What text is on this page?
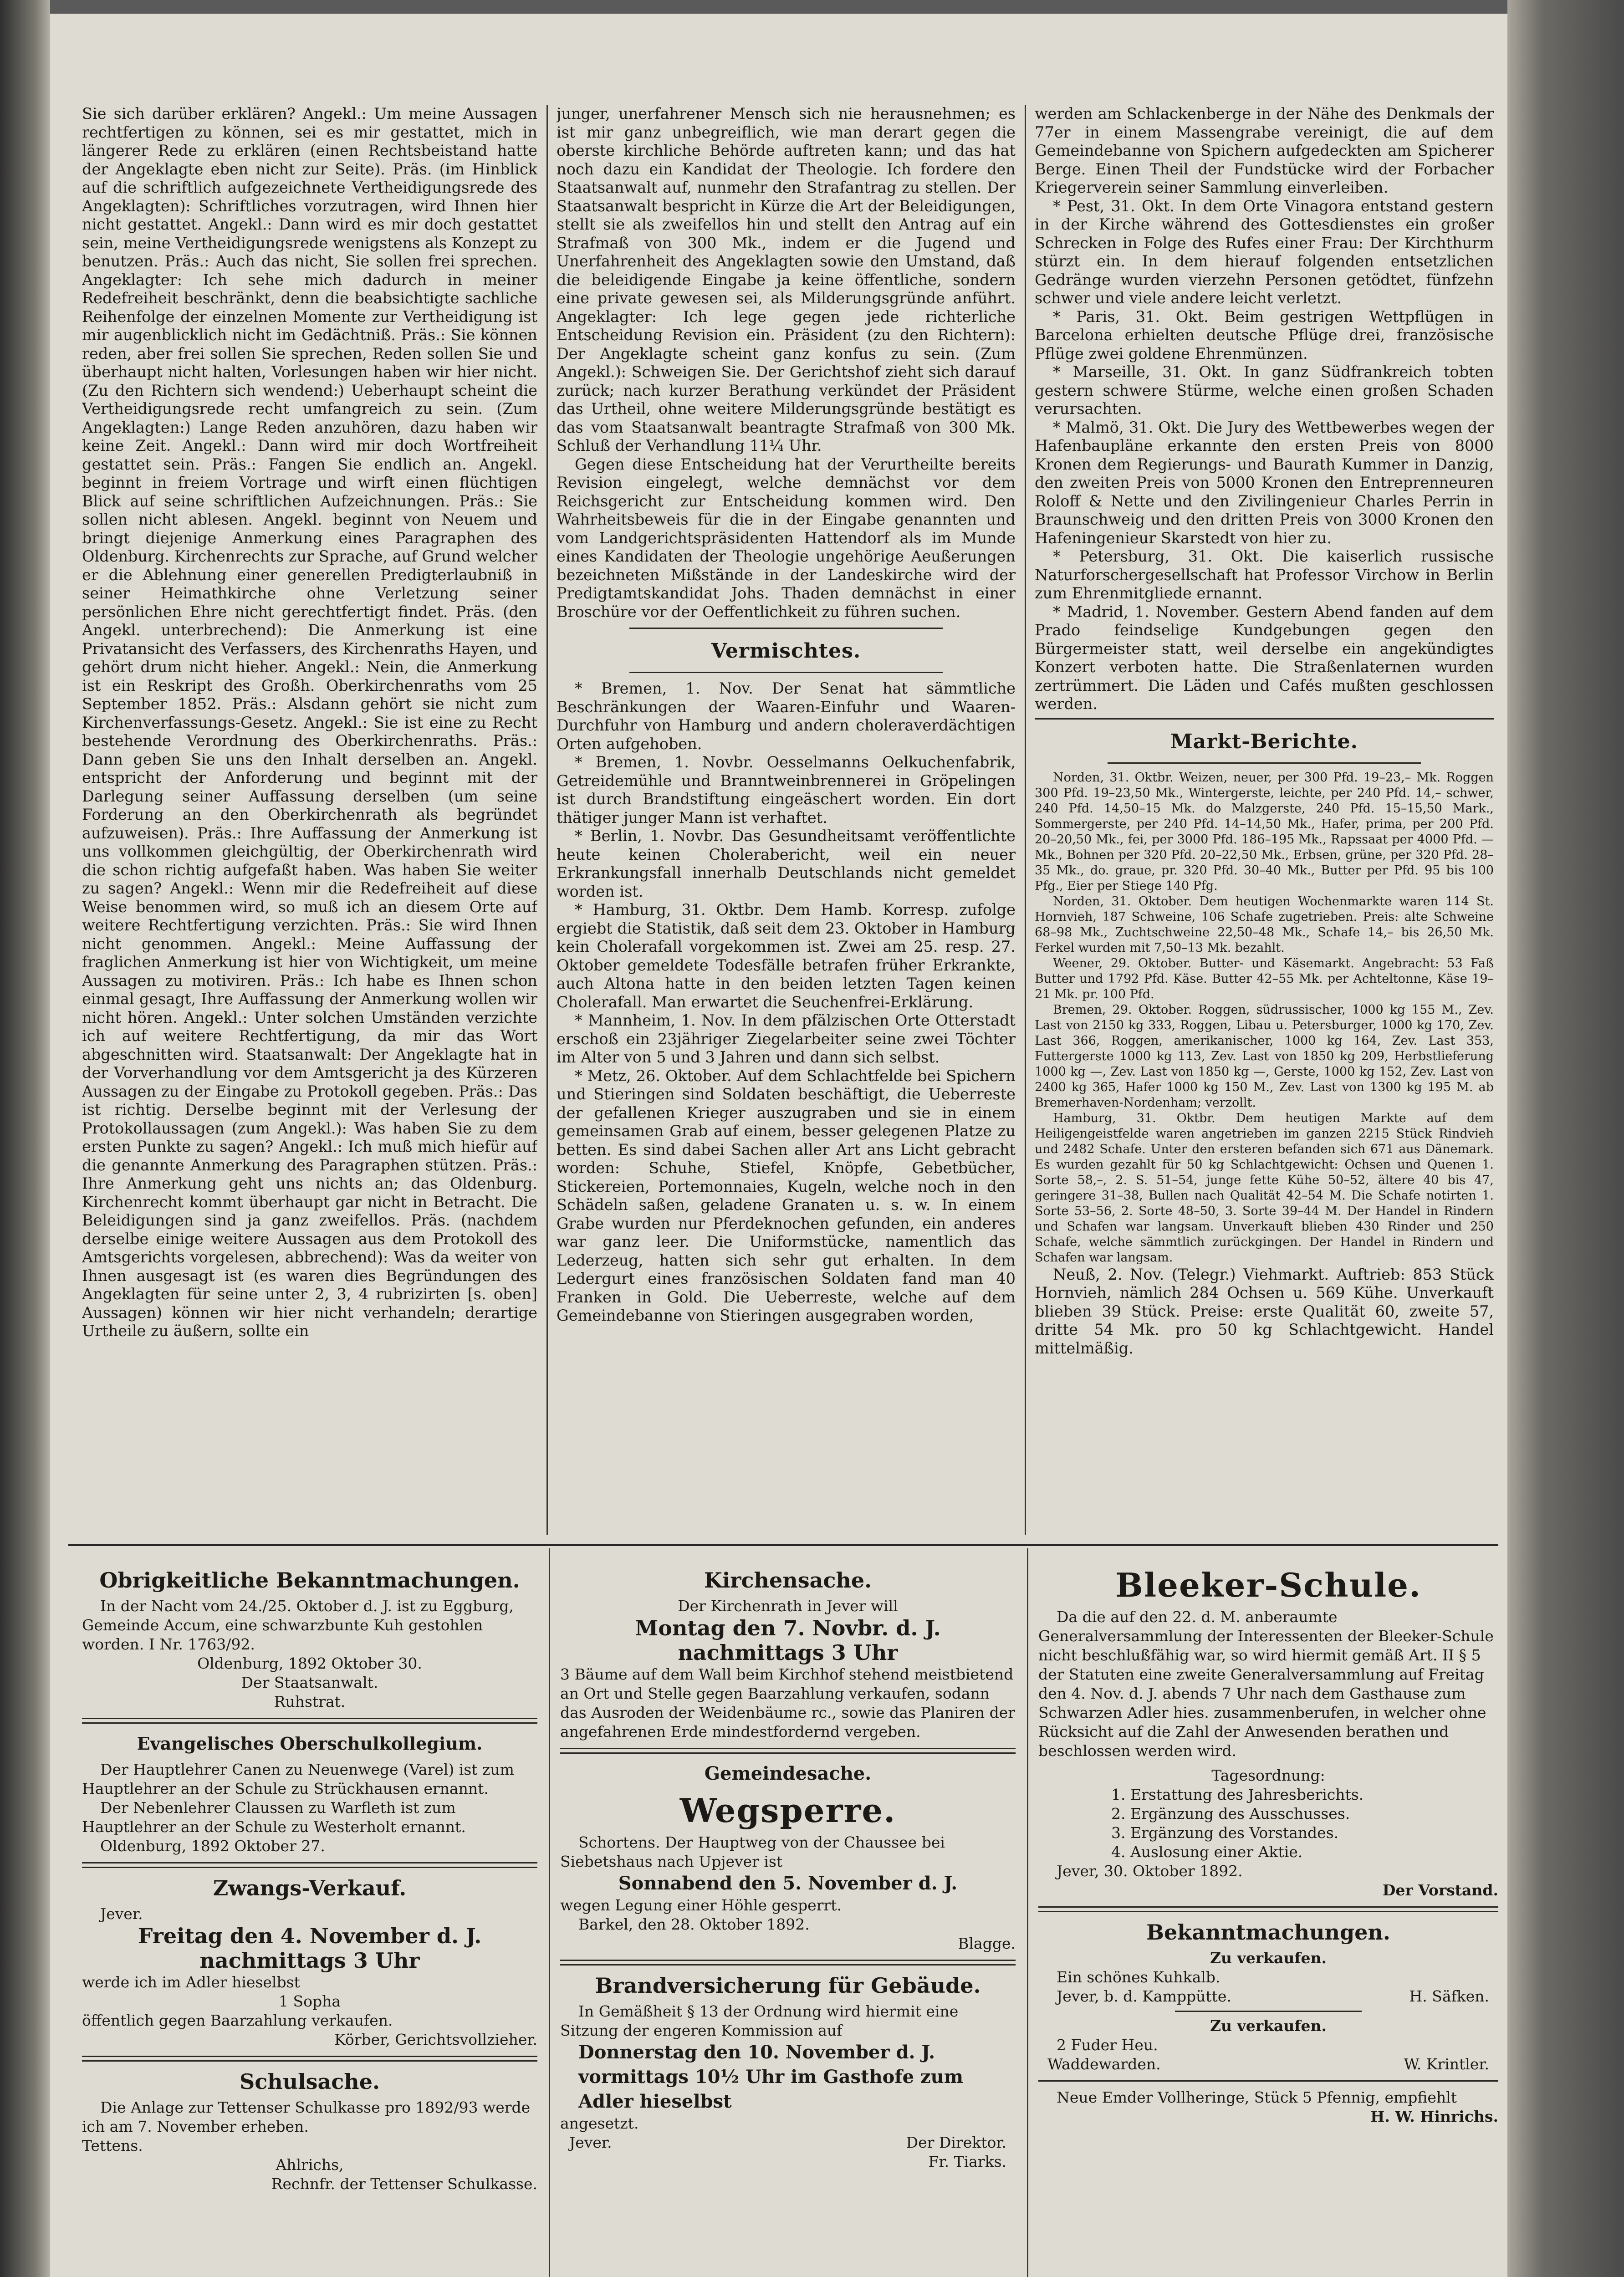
Sie sich darüber erklären? Angekl.: Um meine Aussagen rechtfertigen zu können, sei es mir gestattet, mich in längerer Rede zu erklären (einen Rechtsbeistand hatte der Angeklagte eben nicht zur Seite). Präs. (im Hinblick auf die schriftlich aufgezeichnete Vertheidigungsrede des Angeklagten): Schriftliches vorzutragen, wird Ihnen hier nicht gestattet. Angekl.: Dann wird es mir doch gestattet sein, meine Vertheidigungsrede wenigstens als Konzept zu benutzen. Präs.: Auch das nicht, Sie sollen frei sprechen. Angeklagter: Ich sehe mich dadurch in meiner Redefreiheit beschränkt, denn die beabsichtigte sachliche Reihenfolge der einzelnen Momente zur Vertheidigung ist mir augenblicklich nicht im Gedächtniß. Präs.: Sie können reden, aber frei sollen Sie sprechen, Reden sollen Sie und überhaupt nicht halten, Vorlesungen haben wir hier nicht. (Zu den Richtern sich wendend:) Ueberhaupt scheint die Vertheidigungsrede recht umfangreich zu sein. (Zum Angeklagten:) Lange Reden anzuhören, dazu haben wir keine Zeit. Angekl.: Dann wird mir doch Wortfreiheit gestattet sein. Präs.: Fangen Sie endlich an. Angekl. beginnt in freiem Vortrage und wirft einen flüchtigen Blick auf seine schriftlichen Aufzeichnungen. Präs.: Sie sollen nicht ablesen. Angekl. beginnt von Neuem und bringt diejenige Anmerkung eines Paragraphen des Oldenburg. Kirchenrechts zur Sprache, auf Grund welcher er die Ablehnung einer generellen Predigterlaubniß in seiner Heimathkirche ohne Verletzung seiner persönlichen Ehre nicht gerechtfertigt findet. Präs. (den Angekl. unterbrechend): Die Anmerkung ist eine Privatansicht des Verfassers, des Kirchenraths Hayen, und gehört drum nicht hieher. Angekl.: Nein, die Anmerkung ist ein Reskript des Großh. Oberkirchenraths vom 25 September 1852. Präs.: Alsdann gehört sie nicht zum Kirchenverfassungs-Gesetz. Angekl.: Sie ist eine zu Recht bestehende Verordnung des Oberkirchenraths. Präs.: Dann geben Sie uns den Inhalt derselben an. Angekl. entspricht der Anforderung und beginnt mit der Darlegung seiner Auffassung derselben (um seine Forderung an den Oberkirchenrath als begründet aufzuweisen). Präs.: Ihre Auffassung der Anmerkung ist uns vollkommen gleichgültig, der Oberkirchenrath wird die schon richtig aufgefaßt haben. Was haben Sie weiter zu sagen? Angekl.: Wenn mir die Redefreiheit auf diese Weise benommen wird, so muß ich an diesem Orte auf weitere Rechtfertigung verzichten. Präs.: Sie wird Ihnen nicht genommen. Angekl.: Meine Auffassung der fraglichen Anmerkung ist hier von Wichtigkeit, um meine Aussagen zu motiviren. Präs.: Ich habe es Ihnen schon einmal gesagt, Ihre Auffassung der Anmerkung wollen wir nicht hören. Angekl.: Unter solchen Umständen verzichte ich auf weitere Rechtfertigung, da mir das Wort abgeschnitten wird. Staatsanwalt: Der Angeklagte hat in der Vorverhandlung vor dem Amtsgericht ja des Kürzeren Aussagen zu der Eingabe zu Protokoll gegeben. Präs.: Das ist richtig. Derselbe beginnt mit der Verlesung der Protokollaussagen (zum Angekl.): Was haben Sie zu dem ersten Punkte zu sagen? Angekl.: Ich muß mich hiefür auf die genannte Anmerkung des Paragraphen stützen. Präs.: Ihre Anmerkung geht uns nichts an; das Oldenburg. Kirchenrecht kommt überhaupt gar nicht in Betracht. Die Beleidigungen sind ja ganz zweifellos. Präs. (nachdem derselbe einige weitere Aussagen aus dem Protokoll des Amtsgerichts vorgelesen, abbrechend): Was da weiter von Ihnen ausgesagt ist (es waren dies Begründungen des Angeklagten für seine unter 2, 3, 4 rubrizirten [s. oben] Aussagen) können wir hier nicht verhandeln; derartige Urtheile zu äußern, sollte ein

junger, unerfahrener Mensch sich nie herausnehmen; es ist mir ganz unbegreiflich, wie man derart gegen die oberste kirchliche Behörde auftreten kann; und das hat noch dazu ein Kandidat der Theologie. Ich fordere den Staatsanwalt auf, nunmehr den Strafantrag zu stellen. Der Staatsanwalt bespricht in Kürze die Art der Beleidigungen, stellt sie als zweifellos hin und stellt den Antrag auf ein Strafmaß von 300 Mk., indem er die Jugend und Unerfahrenheit des Angeklagten sowie den Umstand, daß die beleidigende Eingabe ja keine öffentliche, sondern eine private gewesen sei, als Milderungsgründe anführt. Angeklagter: Ich lege gegen jede richterliche Entscheidung Revision ein. Präsident (zu den Richtern): Der Angeklagte scheint ganz konfus zu sein. (Zum Angekl.): Schweigen Sie. Der Gerichtshof zieht sich darauf zurück; nach kurzer Berathung verkündet der Präsident das Urtheil, ohne weitere Milderungsgründe bestätigt es das vom Staatsanwalt beantragte Strafmaß von 300 Mk. Schluß der Verhandlung 11¼ Uhr.

Gegen diese Entscheidung hat der Verurtheilte bereits Revision eingelegt, welche demnächst vor dem Reichsgericht zur Entscheidung kommen wird. Den Wahrheitsbeweis für die in der Eingabe genannten und vom Landgerichtspräsidenten Hattendorf als im Munde eines Kandidaten der Theologie ungehörige Aeußerungen bezeichneten Mißstände in der Landeskirche wird der Predigtamtskandidat Johs. Thaden demnächst in einer Broschüre vor der Oeffentlichkeit zu führen suchen.

Vermischtes.

* Bremen, 1. Nov. Der Senat hat sämmtliche Beschränkungen der Waaren-Einfuhr und Waaren-Durchfuhr von Hamburg und andern choleraverdächtigen Orten aufgehoben.

* Bremen, 1. Novbr. Oesselmanns Oelkuchenfabrik, Getreidemühle und Branntweinbrennerei in Gröpelingen ist durch Brandstiftung eingeäschert worden. Ein dort thätiger junger Mann ist verhaftet.

* Berlin, 1. Novbr. Das Gesundheitsamt veröffentlichte heute keinen Cholerabericht, weil ein neuer Erkrankungsfall innerhalb Deutschlands nicht gemeldet worden ist.

* Hamburg, 31. Oktbr. Dem Hamb. Korresp. zufolge ergiebt die Statistik, daß seit dem 23. Oktober in Hamburg kein Cholerafall vorgekommen ist. Zwei am 25. resp. 27. Oktober gemeldete Todesfälle betrafen früher Erkrankte, auch Altona hatte in den beiden letzten Tagen keinen Cholerafall. Man erwartet die Seuchenfrei-Erklärung.

* Mannheim, 1. Nov. In dem pfälzischen Orte Otterstadt erschoß ein 23jähriger Ziegelarbeiter seine zwei Töchter im Alter von 5 und 3 Jahren und dann sich selbst.

* Metz, 26. Oktober. Auf dem Schlachtfelde bei Spichern und Stieringen sind Soldaten beschäftigt, die Ueberreste der gefallenen Krieger auszugraben und sie in einem gemeinsamen Grab auf einem, besser gelegenen Platze zu betten. Es sind dabei Sachen aller Art ans Licht gebracht worden: Schuhe, Stiefel, Knöpfe, Gebetbücher, Stickereien, Portemonnaies, Kugeln, welche noch in den Schädeln saßen, geladene Granaten u. s. w. In einem Grabe wurden nur Pferdeknochen gefunden, ein anderes war ganz leer. Die Uniformstücke, namentlich das Lederzeug, hatten sich sehr gut erhalten. In dem Ledergurt eines französischen Soldaten fand man 40 Franken in Gold. Die Ueberreste, welche auf dem Gemeindebanne von Stieringen ausgegraben worden,

werden am Schlackenberge in der Nähe des Denkmals der 77er in einem Massengrabe vereinigt, die auf dem Gemeindebanne von Spichern aufgedeckten am Spicherer Berge. Einen Theil der Fundstücke wird der Forbacher Kriegerverein seiner Sammlung einverleiben.

* Pest, 31. Okt. In dem Orte Vinagora entstand gestern in der Kirche während des Gottesdienstes ein großer Schrecken in Folge des Rufes einer Frau: Der Kirchthurm stürzt ein. In dem hierauf folgenden entsetzlichen Gedränge wurden vierzehn Personen getödtet, fünfzehn schwer und viele andere leicht verletzt.

* Paris, 31. Okt. Beim gestrigen Wettpflügen in Barcelona erhielten deutsche Pflüge drei, französische Pflüge zwei goldene Ehrenmünzen.

* Marseille, 31. Okt. In ganz Südfrankreich tobten gestern schwere Stürme, welche einen großen Schaden verursachten.

* Malmö, 31. Okt. Die Jury des Wettbewerbes wegen der Hafenbaupläne erkannte den ersten Preis von 8000 Kronen dem Regierungs- und Baurath Kummer in Danzig, den zweiten Preis von 5000 Kronen den Entreprenneuren Roloff & Nette und den Zivilingenieur Charles Perrin in Braunschweig und den dritten Preis von 3000 Kronen den Hafeningenieur Skarstedt von hier zu.

* Petersburg, 31. Okt. Die kaiserlich russische Naturforschergesellschaft hat Professor Virchow in Berlin zum Ehrenmitgliede ernannt.

* Madrid, 1. November. Gestern Abend fanden auf dem Prado feindselige Kundgebungen gegen den Bürgermeister statt, weil derselbe ein angekündigtes Konzert verboten hatte. Die Straßenlaternen wurden zertrümmert. Die Läden und Cafés mußten geschlossen werden.

Markt-Berichte.

Norden, 31. Oktbr. Weizen, neuer, per 300 Pfd. 19–23,– Mk. Roggen 300 Pfd. 19–23,50 Mk., Wintergerste, leichte, per 240 Pfd. 14,– schwer, 240 Pfd. 14,50–15 Mk. do Malzgerste, 240 Pfd. 15–15,50 Mark., Sommergerste, per 240 Pfd. 14–14,50 Mk., Hafer, prima, per 200 Pfd. 20–20,50 Mk., fei, per 3000 Pfd. 186–195 Mk., Rapssaat per 4000 Pfd. — Mk., Bohnen per 320 Pfd. 20–22,50 Mk., Erbsen, grüne, per 320 Pfd. 28–35 Mk., do. graue, pr. 320 Pfd. 30–40 Mk., Butter per Pfd. 95 bis 100 Pfg., Eier per Stiege 140 Pfg.

Norden, 31. Oktober. Dem heutigen Wochenmarkte waren 114 St. Hornvieh, 187 Schweine, 106 Schafe zugetrieben. Preis: alte Schweine 68–98 Mk., Zuchtschweine 22,50–48 Mk., Schafe 14,– bis 26,50 Mk. Ferkel wurden mit 7,50–13 Mk. bezahlt.

Weener, 29. Oktober. Butter- und Käsemarkt. Angebracht: 53 Faß Butter und 1792 Pfd. Käse. Butter 42–55 Mk. per Achteltonne, Käse 19–21 Mk. pr. 100 Pfd.

Bremen, 29. Oktober. Roggen, südrussischer, 1000 kg 155 M., Zev. Last von 2150 kg 333, Roggen, Libau u. Petersburger, 1000 kg 170, Zev. Last 366, Roggen, amerikanischer, 1000 kg 164, Zev. Last 353, Futtergerste 1000 kg 113, Zev. Last von 1850 kg 209, Herbstlieferung 1000 kg —, Zev. Last von 1850 kg —, Gerste, 1000 kg 152, Zev. Last von 2400 kg 365, Hafer 1000 kg 150 M., Zev. Last von 1300 kg 195 M. ab Bremerhaven-Nordenham; verzollt.

Hamburg, 31. Oktbr. Dem heutigen Markte auf dem Heiligengeistfelde waren angetrieben im ganzen 2215 Stück Rindvieh und 2482 Schafe. Unter den ersteren befanden sich 671 aus Dänemark. Es wurden gezahlt für 50 kg Schlachtgewicht: Ochsen und Quenen 1. Sorte 58,–, 2. S. 51–54, junge fette Kühe 50–52, ältere 40 bis 47, geringere 31–38, Bullen nach Qualität 42–54 M. Die Schafe notirten 1. Sorte 53–56, 2. Sorte 48–50, 3. Sorte 39–44 M. Der Handel in Rindern und Schafen war langsam. Unverkauft blieben 430 Rinder und 250 Schafe, welche sämmtlich zurückgingen. Der Handel in Rindern und Schafen war langsam.

Neuß, 2. Nov. (Telegr.) Viehmarkt. Auftrieb: 853 Stück Hornvieh, nämlich 284 Ochsen u. 569 Kühe. Unverkauft blieben 39 Stück. Preise: erste Qualität 60, zweite 57, dritte 54 Mk. pro 50 kg Schlachtgewicht. Handel mittelmäßig.

Obrigkeitliche Bekanntmachungen.

In der Nacht vom 24./25. Oktober d. J. ist zu Eggburg, Gemeinde Accum, eine schwarzbunte Kuh gestohlen worden. I Nr. 1763/92.

Oldenburg, 1892 Oktober 30.

Der Staatsanwalt.

Ruhstrat.

Evangelisches Oberschulkollegium.

Der Hauptlehrer Canen zu Neuenwege (Varel) ist zum Hauptlehrer an der Schule zu Strückhausen ernannt.

Der Nebenlehrer Claussen zu Warfleth ist zum Hauptlehrer an der Schule zu Westerholt ernannt.

Oldenburg, 1892 Oktober 27.

Zwangs-Verkauf.

Jever.

Freitag den 4. November d. J. nachmittags 3 Uhr

werde ich im Adler hieselbst

1 Sopha

öffentlich gegen Baarzahlung verkaufen.

Körber, Gerichtsvollzieher.

Schulsache.

Die Anlage zur Tettenser Schulkasse pro 1892/93 werde ich am 7. November erheben.

Tettens.

Ahlrichs,

Rechnfr. der Tettenser Schulkasse.

Kirchensache.

Der Kirchenrath in Jever will

Montag den 7. Novbr. d. J. nachmittags 3 Uhr

3 Bäume auf dem Wall beim Kirchhof stehend meistbietend an Ort und Stelle gegen Baarzahlung verkaufen, sodann das Ausroden der Weidenbäume rc., sowie das Planiren der angefahrenen Erde mindestfordernd vergeben.

Gemeindesache.
Wegsperre.

Schortens. Der Hauptweg von der Chaussee bei Siebetshaus nach Upjever ist

Sonnabend den 5. November d. J.

wegen Legung einer Höhle gesperrt.

Barkel, den 28. Oktober 1892.

Blagge.

Brandversicherung für Gebäude.

In Gemäßheit § 13 der Ordnung wird hiermit eine Sitzung der engeren Kommission auf

Donnerstag den 10. November d. J. vormittags 10½ Uhr im Gasthofe zum Adler hieselbst

angesetzt.

Jever.	Der Direktor.

Fr. Tiarks.

Bleeker-Schule.

Da die auf den 22. d. M. anberaumte Generalversammlung der Interessenten der Bleeker-Schule nicht beschlußfähig war, so wird hiermit gemäß Art. II § 5 der Statuten eine zweite Generalversammlung auf Freitag den 4. Nov. d. J. abends 7 Uhr nach dem Gasthause zum Schwarzen Adler hies. zusammenberufen, in welcher ohne Rücksicht auf die Zahl der Anwesenden berathen und beschlossen werden wird.

Tagesordnung:

1. Erstattung des Jahresberichts.

2. Ergänzung des Ausschusses.

3. Ergänzung des Vorstandes.

4. Auslosung einer Aktie.

Jever, 30. Oktober 1892.

Der Vorstand.

Bekanntmachungen.

Zu verkaufen.

Ein schönes Kuhkalb.

Jever, b. d. Kamppütte.	H. Säfken.

Zu verkaufen.

2 Fuder Heu.

Waddewarden.	W. Krintler.

Neue Emder Vollheringe, Stück 5 Pfennig, empfiehlt

H. W. Hinrichs.
